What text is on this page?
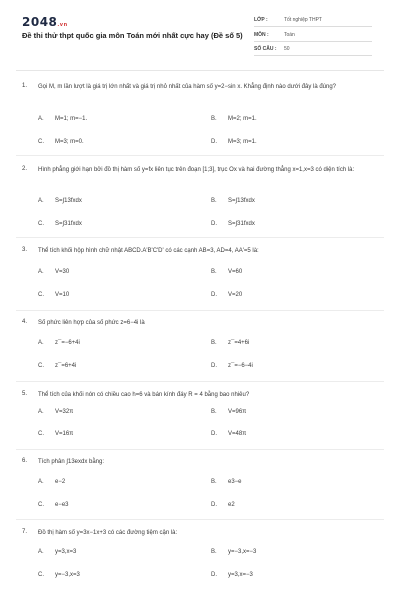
2048.vn
Đề thi thử thpt quốc gia môn Toán mới nhất cực hay (Đề số 5)
LỚP :	Tốt nghiệp THPT
MÔN :	Toán
SỐ CÂU : 50
1. Gọi M, m lần lượt là giá trị lớn nhất và giá trị nhỏ nhất của hàm số y=2−sin x. Khẳng định nào dưới đây là đúng?
A. M=1; m=−1.	B. M=2; m=1.
C. M=3; m=0.	D. M=3; m=1.
2. Hình phẳng giới hạn bởi đồ thị hàm số y=fx liên tục trên đoạn [1;3], trục Ox và hai đường thẳng x=1,x=3 có diện tích là:
A. S=∫13fxdx	B. S=∫13fxdx
C. S=∫31fxdx	D. S=∫31fxdx
3. Thể tích khối hộp hình chữ nhật ABCD.A'B'C'D' có các cạnh AB=3, AD=4, AA'=5 là:
A. V=30	B. V=60
C. V=10	D. V=20
4. Số phức liên hợp của số phức z=6−4i là
A. z¯=−6+4i	B. z¯=4+6i
C. z¯=6+4i	D. z¯=−6−4i
5. Thể tích của khối nón có chiều cao h=6 và bán kính đáy R = 4 bằng bao nhiêu?
A. V=32π	B. V=96π
C. V=16π	D. V=48π
6. Tích phân ∫13exdx bằng:
A. e−2	B. e3−e
C. e−e3	D. e2
7. Đồ thị hàm số y=3x−1x+3 có các đường tiệm cận là:
A. y=3,x=3	B. y=−3,x=−3
C. y=−3,x=3	D. y=3,x=−3
